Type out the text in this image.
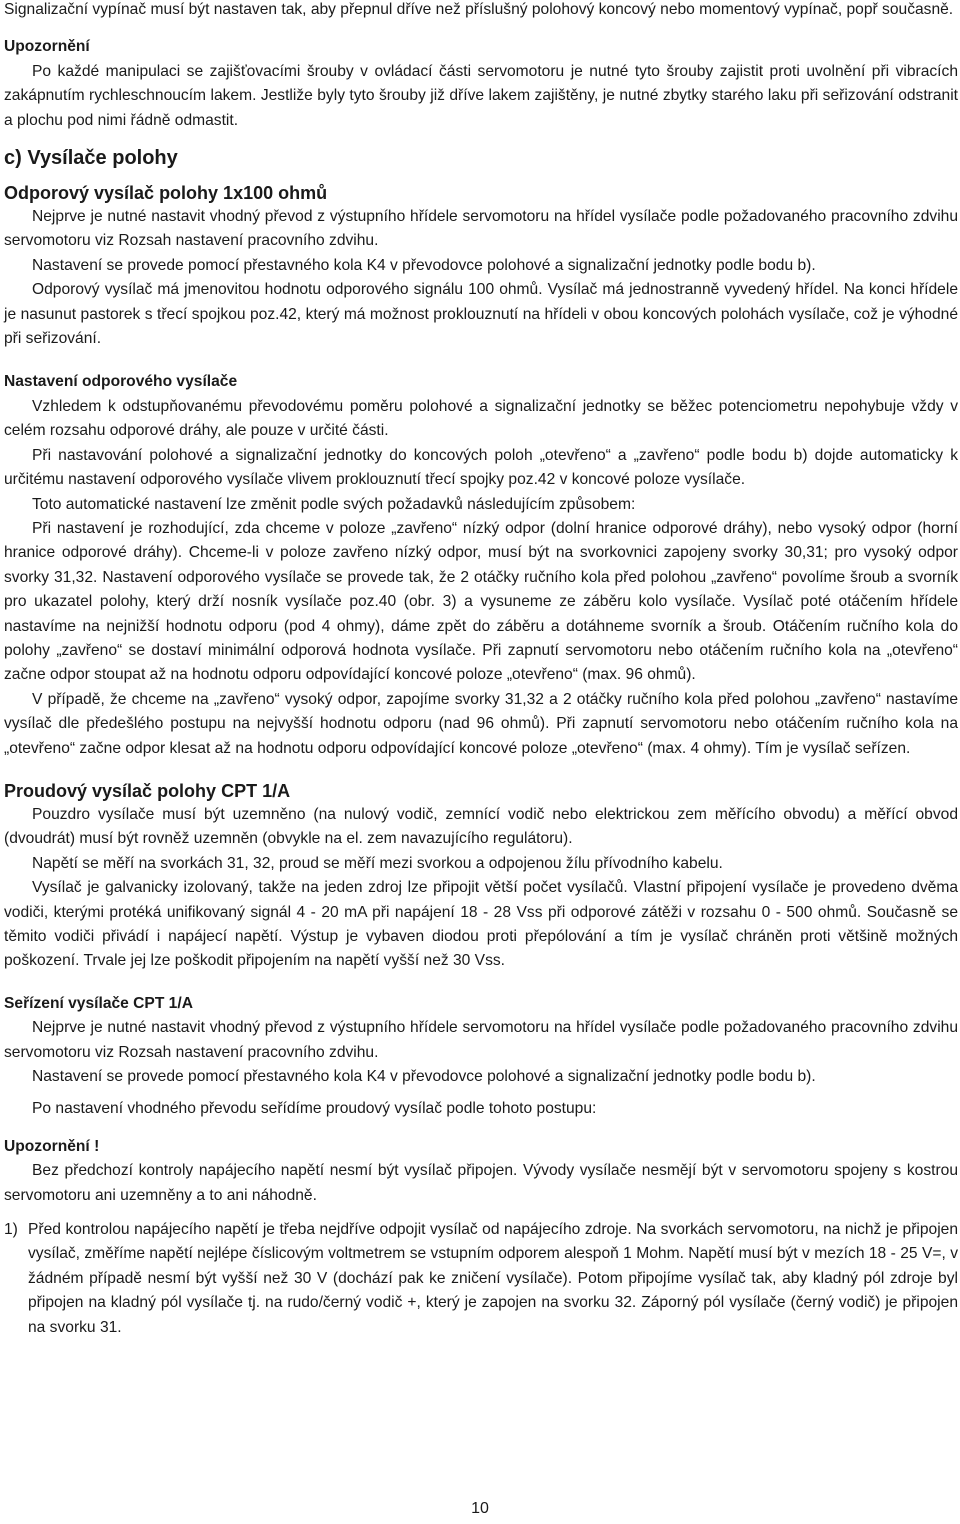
Signalizační vypínač musí být nastaven tak, aby přepnul dříve než příslušný polohový koncový nebo momentový vypínač, popř současně.

Upozornění

Po každé manipulaci se zajišťovacími šrouby v ovládací části servomotoru je nutné tyto šrouby zajistit proti uvolnění při vibracích zakápnutím rychleschnoucím lakem. Jestliže byly tyto šrouby již dříve lakem zajištěny, je nutné zbytky starého laku při seřizování odstranit a plochu pod nimi řádně odmastit.

c) Vysílače polohy
Odporový vysílač polohy 1x100 ohmů

Nejprve je nutné nastavit vhodný převod z výstupního hřídele servomotoru na hřídel vysílače podle požadovaného pracovního zdvihu servomotoru viz Rozsah nastavení pracovního zdvihu.

Nastavení se provede pomocí přestavného kola K4 v převodovce polohové a signalizační jednotky podle bodu b).

Odporový vysílač má jmenovitou hodnotu odporového signálu 100 ohmů. Vysílač má jednostranně vyvedený hřídel. Na konci hřídele je nasunut pastorek s třecí spojkou poz.42, který má možnost proklouznutí na hřídeli v obou koncových polohách vysílače, což je výhodné při seřizování.

Nastavení odporového vysílače

Vzhledem k odstupňovanému převodovému poměru polohové a signalizační jednotky se běžec potenciometru nepohybuje vždy v celém rozsahu odporové dráhy, ale pouze v určité části.

Při nastavování polohové a signalizační jednotky do koncových poloh „otevřeno“ a „zavřeno“ podle bodu b) dojde automaticky k určitému nastavení odporového vysílače vlivem proklouznutí třecí spojky poz.42 v koncové poloze vysílače.

Toto automatické nastavení lze změnit podle svých požadavků následujícím způsobem:

Při nastavení je rozhodující, zda chceme v poloze „zavřeno“ nízký odpor (dolní hranice odporové dráhy), nebo vysoký odpor (horní hranice odporové dráhy). Chceme-li v poloze zavřeno nízký odpor, musí být na svorkovnici zapojeny svorky 30,31; pro vysoký odpor svorky 31,32. Nastavení odporového vysílače se provede tak, že 2 otáčky ručního kola před polohou „zavřeno“ povolíme šroub a svorník pro ukazatel polohy, který drží nosník vysílače poz.40 (obr. 3) a vysuneme ze záběru kolo vysílače. Vysílač poté otáčením hřídele nastavíme na nejnižší hodnotu odporu (pod 4 ohmy), dáme zpět do záběru a dotáhneme svorník a šroub. Otáčením ručního kola do polohy „zavřeno“ se dostaví minimální odporová hodnota vysílače. Při zapnutí servomotoru nebo otáčením ručního kola na „otevřeno“ začne odpor stoupat až na hodnotu odporu odpovídající koncové poloze „otevřeno“ (max. 96 ohmů).

V případě, že chceme na „zavřeno“ vysoký odpor, zapojíme svorky 31,32 a 2 otáčky ručního kola před polohou „zavřeno“ nastavíme vysílač dle předešlého postupu na nejvyšší hodnotu odporu (nad 96 ohmů). Při zapnutí servomotoru nebo otáčením ručního kola na „otevřeno“ začne odpor klesat až na hodnotu odporu odpovídající koncové poloze „otevřeno“ (max. 4 ohmy). Tím je vysílač seřízen.

Proudový vysílač polohy CPT 1/A

Pouzdro vysílače musí být uzemněno (na nulový vodič, zemnící vodič nebo elektrickou zem měřícího obvodu) a měřící obvod (dvoudrát) musí být rovněž uzemněn (obvykle na el. zem navazujícího regulátoru).

Napětí se měří na svorkách 31, 32, proud se měří mezi svorkou a odpojenou žílu přívodního kabelu.

Vysílač je galvanicky izolovaný, takže na jeden zdroj lze připojit větší počet vysílačů. Vlastní připojení vysílače je provedeno dvěma vodiči, kterými protéká unifikovaný signál 4 - 20 mA při napájení 18 - 28 Vss při odporové zátěži v rozsahu 0 - 500 ohmů. Současně se těmito vodiči přivádí i napájecí napětí. Výstup je vybaven diodou proti přepólování a tím je vysílač chráněn proti většině možných poškození. Trvale jej lze poškodit připojením na napětí vyšší než 30 Vss.

Seřízení vysílače CPT 1/A

Nejprve je nutné nastavit vhodný převod z výstupního hřídele servomotoru na hřídel vysílače podle požadovaného pracovního zdvihu servomotoru viz Rozsah nastavení pracovního zdvihu.

Nastavení se provede pomocí přestavného kola K4 v převodovce polohové a signalizační jednotky podle bodu b).

Po nastavení vhodného převodu seřídíme proudový vysílač podle tohoto postupu:

Upozornění !

Bez předchozí kontroly napájecího napětí nesmí být vysílač připojen. Vývody vysílače nesmějí být v servomotoru spojeny s kostrou servomotoru ani uzemněny a to ani náhodně.

1) Před kontrolou napájecího napětí je třeba nejdříve odpojit vysílač od napájecího zdroje. Na svorkách servomotoru, na nichž je připojen vysílač, změříme napětí nejlépe číslicovým voltmetrem se vstupním odporem alespoň 1 Mohm. Napětí musí být v mezích 18 - 25 V=, v žádném případě nesmí být vyšší než 30 V (dochází pak ke zničení vysílače). Potom připojíme vysílač tak, aby kladný pól zdroje byl připojen na kladný pól vysílače tj. na rudo/černý vodič +, který je zapojen na svorku 32. Záporný pól vysílače (černý vodič) je připojen na svorku 31.

10
